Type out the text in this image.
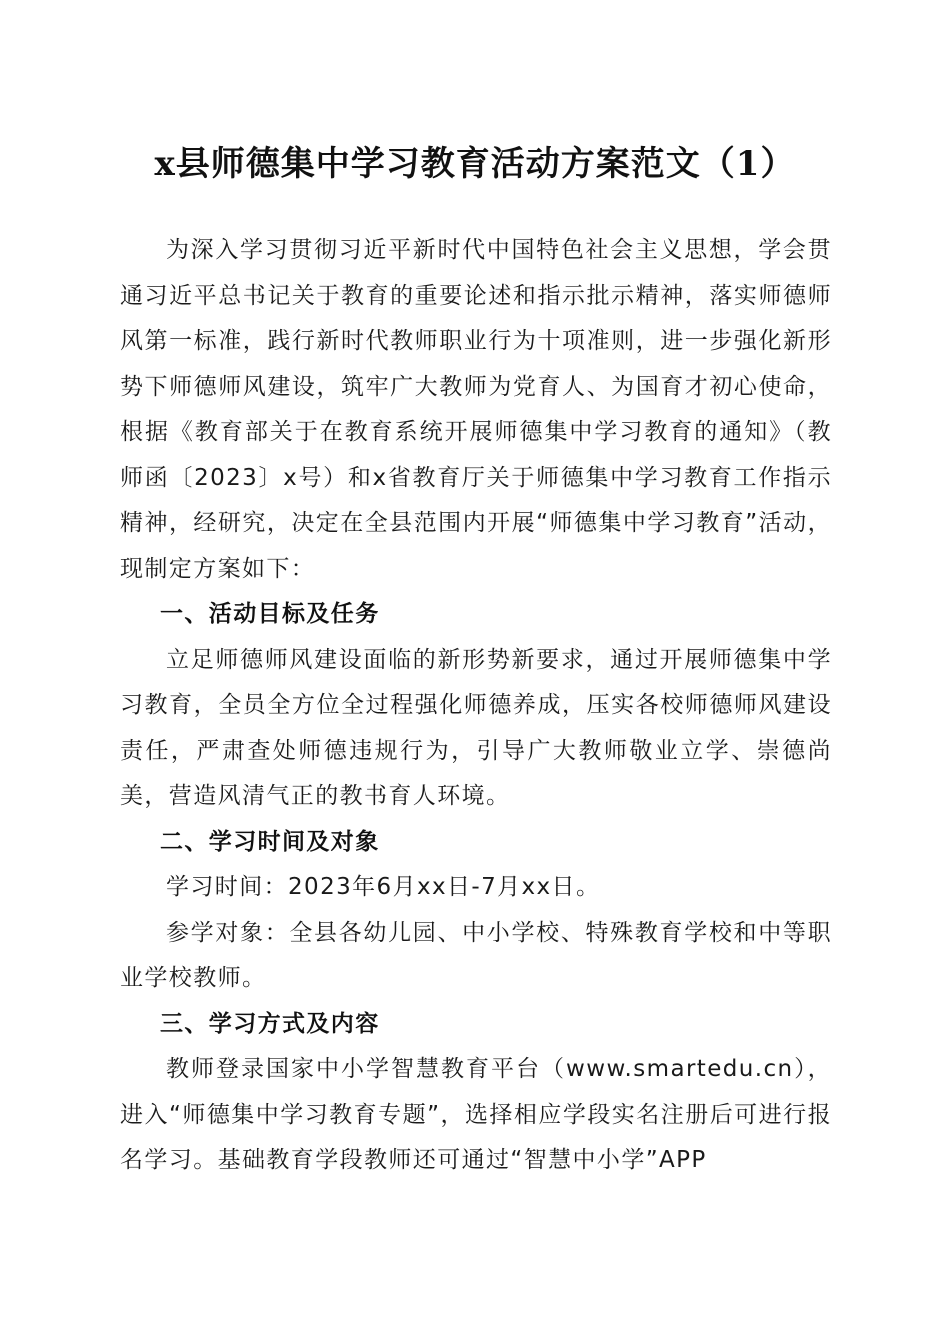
x县师德集中学习教育活动方案范文（1）

为深入学习贯彻习近平新时代中国特色社会主义思想，学会贯通习近平总书记关于教育的重要论述和指示批示精神，落实师德师风第一标准，践行新时代教师职业行为十项准则，进一步强化新形势下师德师风建设，筑牢广大教师为党育人、为国育才初心使命，根据《教育部关于在教育系统开展师德集中学习教育的通知》（教师函〔2023〕x号）和x省教育厅关于师德集中学习教育工作指示精神，经研究，决定在全县范围内开展“师德集中学习教育”活动，现制定方案如下：

一、活动目标及任务

立足师德师风建设面临的新形势新要求，通过开展师德集中学习教育，全员全方位全过程强化师德养成，压实各校师德师风建设责任，严肃查处师德违规行为，引导广大教师敬业立学、崇德尚美，营造风清气正的教书育人环境。

二、学习时间及对象

学习时间：2023年6月xx日-7月xx日。

参学对象：全县各幼儿园、中小学校、特殊教育学校和中等职业学校教师。

三、学习方式及内容

教师登录国家中小学智慧教育平台（www.smartedu.cn），进入“师德集中学习教育专题”，选择相应学段实名注册后可进行报名学习。基础教育学段教师还可通过“智慧中小学”APP
